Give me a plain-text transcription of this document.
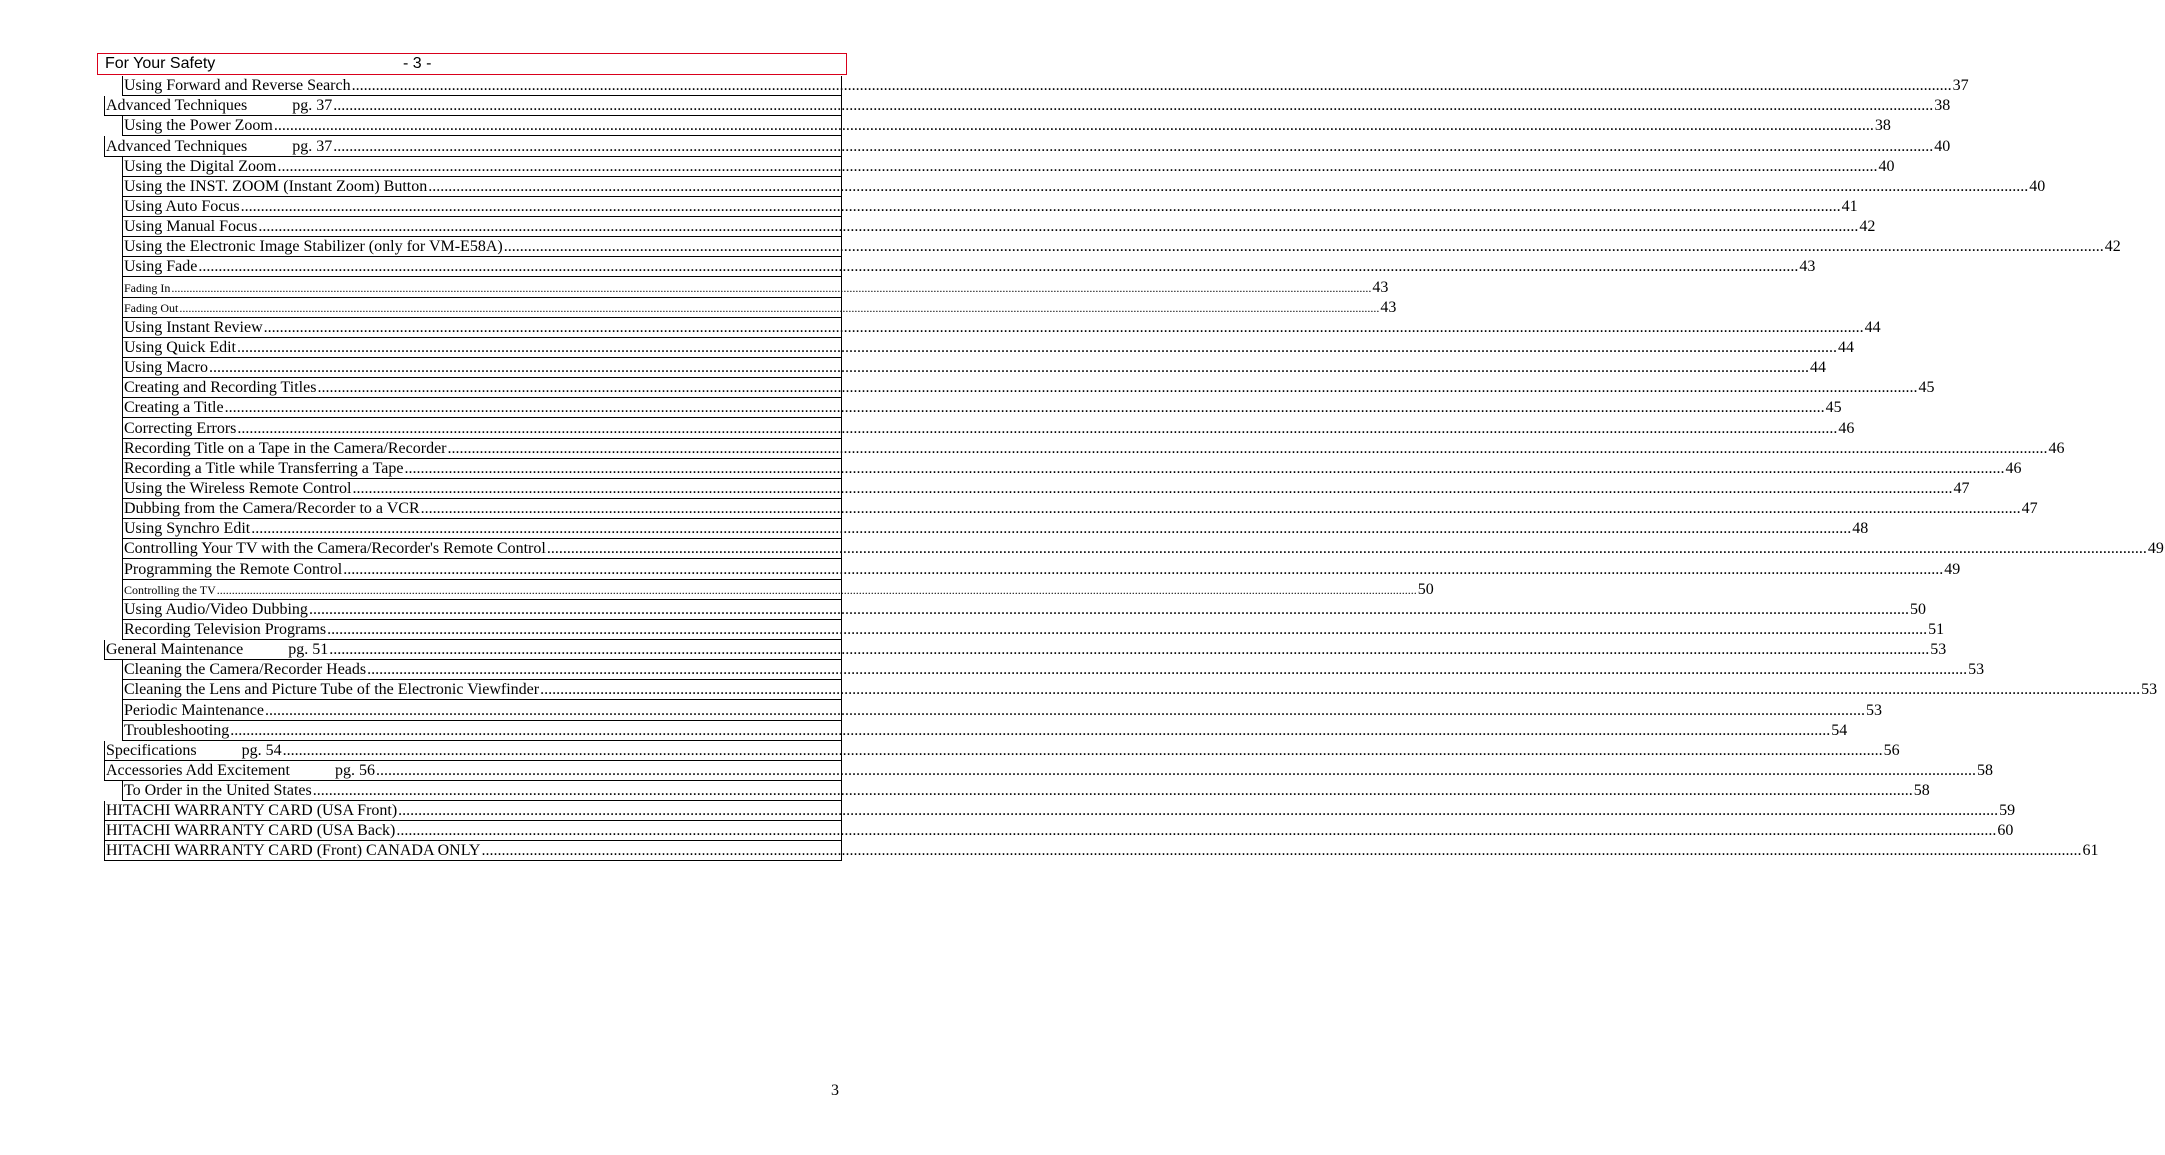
For Your Safety	- 3 -
Using Forward and Reverse Search ................................................................................................................................................................................................................................................................................................................................................................................................................ 37
Advanced Techniques	pg. 37 ................................................................................................................................................................................................................................................................................................................................................................................................................ 38
Using the Power Zoom ................................................................................................................................................................................................................................................................................................................................................................................................................ 38
Advanced Techniques	pg. 37 ................................................................................................................................................................................................................................................................................................................................................................................................................ 40
Using the Digital Zoom ................................................................................................................................................................................................................................................................................................................................................................................................................ 40
Using the INST. ZOOM (Instant Zoom) Button ................................................................................................................................................................................................................................................................................................................................................................................................................ 40
Using Auto Focus ................................................................................................................................................................................................................................................................................................................................................................................................................ 41
Using Manual Focus ................................................................................................................................................................................................................................................................................................................................................................................................................ 42
Using the Electronic Image Stabilizer (only for VM-E58A) ................................................................................................................................................................................................................................................................................................................................................................................................................ 42
Using Fade ................................................................................................................................................................................................................................................................................................................................................................................................................ 43
Fading In ................................................................................................................................................................................................................................................................................................................................................................................................................ 43
Fading Out ................................................................................................................................................................................................................................................................................................................................................................................................................ 43
Using Instant Review ................................................................................................................................................................................................................................................................................................................................................................................................................ 44
Using Quick Edit ................................................................................................................................................................................................................................................................................................................................................................................................................ 44
Using Macro ................................................................................................................................................................................................................................................................................................................................................................................................................ 44
Creating and Recording Titles ................................................................................................................................................................................................................................................................................................................................................................................................................ 45
Creating a Title ................................................................................................................................................................................................................................................................................................................................................................................................................ 45
Correcting Errors ................................................................................................................................................................................................................................................................................................................................................................................................................ 46
Recording Title on a Tape in the Camera/Recorder ................................................................................................................................................................................................................................................................................................................................................................................................................ 46
Recording a Title while Transferring a Tape ................................................................................................................................................................................................................................................................................................................................................................................................................ 46
Using the Wireless Remote Control ................................................................................................................................................................................................................................................................................................................................................................................................................ 47
Dubbing from the Camera/Recorder to a VCR ................................................................................................................................................................................................................................................................................................................................................................................................................ 47
Using Synchro Edit ................................................................................................................................................................................................................................................................................................................................................................................................................ 48
Controlling Your TV with the Camera/Recorder's Remote Control ................................................................................................................................................................................................................................................................................................................................................................................................................ 49
Programming the Remote Control ................................................................................................................................................................................................................................................................................................................................................................................................................ 49
Controlling the TV ................................................................................................................................................................................................................................................................................................................................................................................................................ 50
Using Audio/Video Dubbing ................................................................................................................................................................................................................................................................................................................................................................................................................ 50
Recording Television Programs ................................................................................................................................................................................................................................................................................................................................................................................................................ 51
General Maintenance	pg. 51 ................................................................................................................................................................................................................................................................................................................................................................................................................ 53
Cleaning the Camera/Recorder Heads ................................................................................................................................................................................................................................................................................................................................................................................................................ 53
Cleaning the Lens and Picture Tube of the Electronic Viewfinder ................................................................................................................................................................................................................................................................................................................................................................................................................ 53
Periodic Maintenance ................................................................................................................................................................................................................................................................................................................................................................................................................ 53
Troubleshooting ................................................................................................................................................................................................................................................................................................................................................................................................................ 54
Specifications	pg. 54 ................................................................................................................................................................................................................................................................................................................................................................................................................ 56
Accessories Add Excitement	pg. 56 ................................................................................................................................................................................................................................................................................................................................................................................................................ 58
To Order in the United States ................................................................................................................................................................................................................................................................................................................................................................................................................ 58
HITACHI WARRANTY CARD (USA Front) ................................................................................................................................................................................................................................................................................................................................................................................................................ 59
HITACHI WARRANTY CARD (USA Back) ................................................................................................................................................................................................................................................................................................................................................................................................................ 60
HITACHI WARRANTY CARD (Front) CANADA ONLY ................................................................................................................................................................................................................................................................................................................................................................................................................ 61
3
